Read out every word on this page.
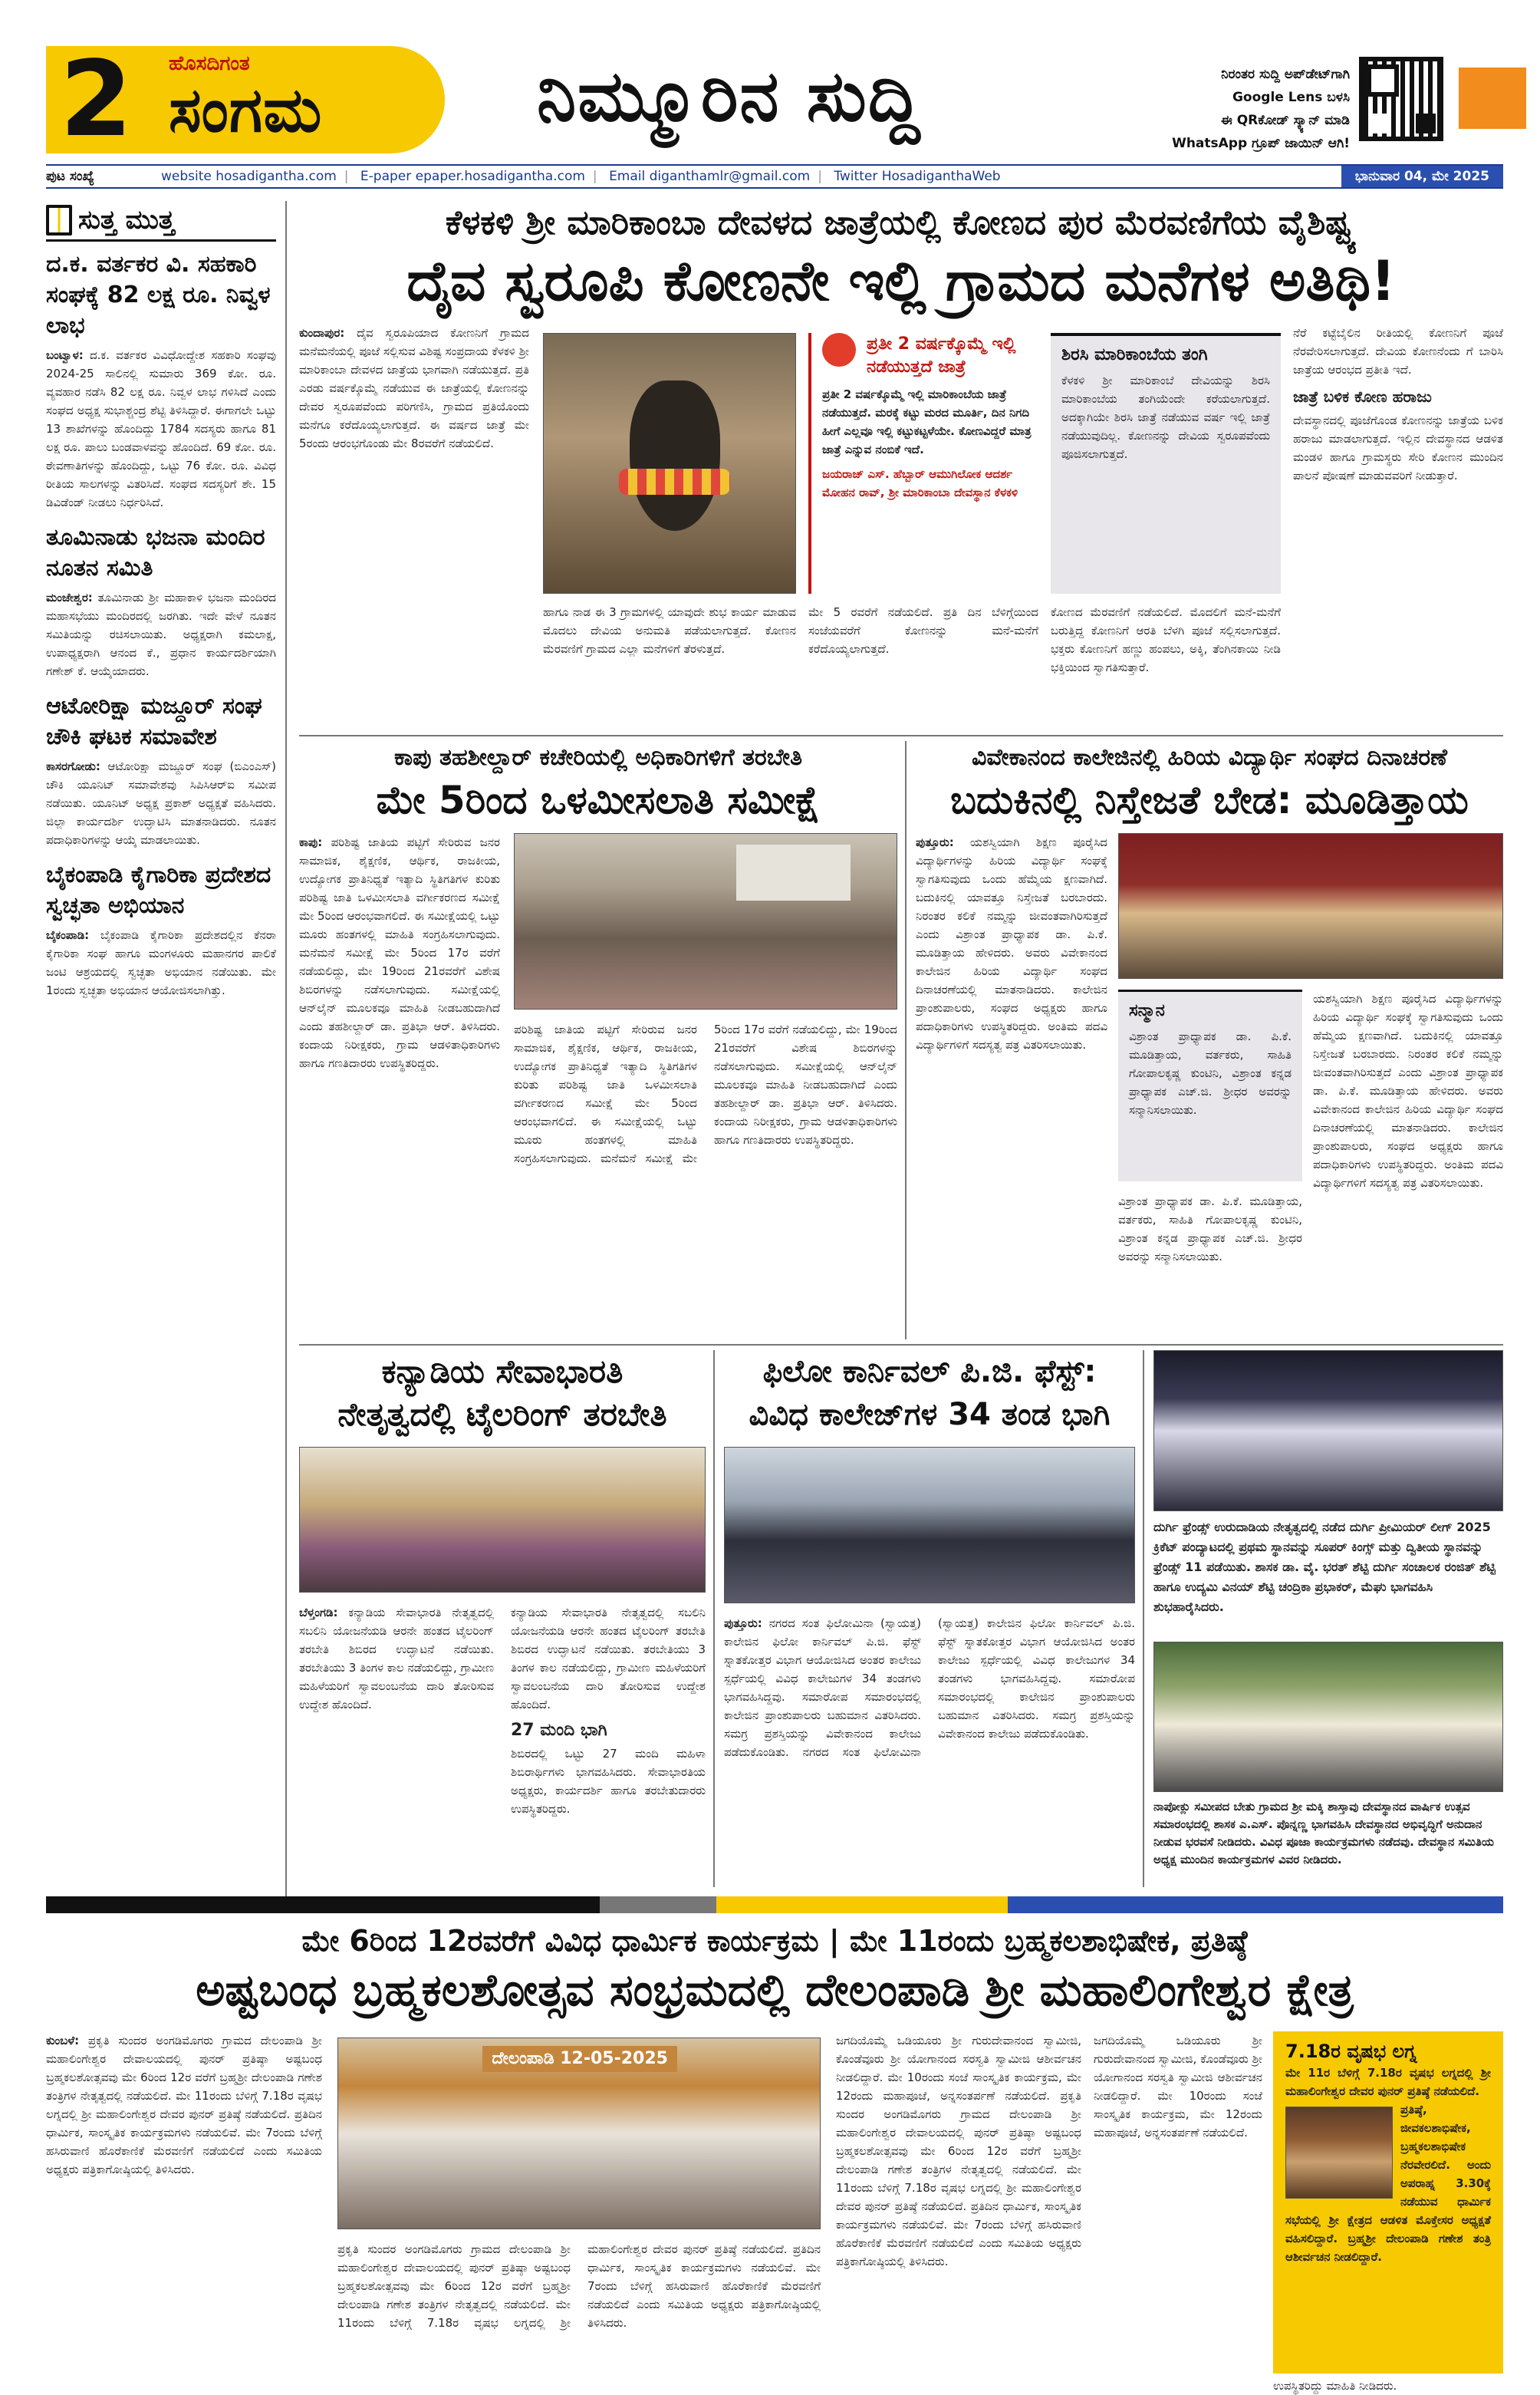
2 ಹೊಸದಿಗಂತ
ಸಂಗಮ	ನಿಮ್ಮೂರಿನ ಸುದ್ದಿ	ನಿರಂತರ ಸುದ್ದಿ ಅಪ್‌ಡೇಟ್‌ಗಾಗಿ
Google Lens ಬಳಸಿ
ಈ QRಕೋಡ್ ಸ್ಕ್ಯಾನ್ ಮಾಡಿ
WhatsApp ಗ್ರೂಪ್ ಜಾಯಿನ್ ಆಗಿ!
ಪುಟ ಸಂಖ್ಯೆ	website hosadigantha.com | E-paper epaper.hosadigantha.com | Email diganthamlr@gmail.com | Twitter HosadiganthaWeb	ಭಾನುವಾರ 04, ಮೇ 2025
ಸುತ್ತ ಮುತ್ತ
ದ.ಕ. ವರ್ತಕರ ವಿ. ಸಹಕಾರಿ ಸಂಘಕ್ಕೆ 82 ಲಕ್ಷ ರೂ. ನಿವ್ವಳ ಲಾಭ

ಬಂಟ್ವಾಳ: ದ.ಕ. ವರ್ತಕರ ವಿವಿಧೋದ್ದೇಶ ಸಹಕಾರಿ ಸಂಘವು 2024-25 ಸಾಲಿನಲ್ಲಿ ಸುಮಾರು 369 ಕೋ. ರೂ. ವ್ಯವಹಾರ ನಡೆಸಿ 82 ಲಕ್ಷ ರೂ. ನಿವ್ವಳ ಲಾಭ ಗಳಿಸಿದೆ ಎಂದು ಸಂಘದ ಅಧ್ಯಕ್ಷ ಸುಭಾಶ್ಚಂದ್ರ ಶೆಟ್ಟಿ ತಿಳಿಸಿದ್ದಾರೆ. ಈಗಾಗಲೇ ಒಟ್ಟು 13 ಶಾಖೆಗಳನ್ನು ಹೊಂದಿದ್ದು 1784 ಸದಸ್ಯರು ಹಾಗೂ 81 ಲಕ್ಷ ರೂ. ಪಾಲು ಬಂಡವಾಳವನ್ನು ಹೊಂದಿದೆ. 69 ಕೋ. ರೂ. ಠೇವಣಾತಿಗಳನ್ನು ಹೊಂದಿದ್ದು, ಒಟ್ಟು 76 ಕೋ. ರೂ. ವಿವಿಧ ರೀತಿಯ ಸಾಲಗಳನ್ನು ವಿತರಿಸಿದೆ. ಸಂಘದ ಸದಸ್ಯರಿಗೆ ಶೇ. 15 ಡಿವಿಡೆಂಡ್ ನೀಡಲು ನಿರ್ಧರಿಸಿದೆ.

ತೂಮಿನಾಡು ಭಜನಾ ಮಂದಿರ ನೂತನ ಸಮಿತಿ

ಮಂಜೇಶ್ವರ: ತೂಮಿನಾಡು ಶ್ರೀ ಮಹಾಕಾಳಿ ಭಜನಾ ಮಂದಿರದ ಮಹಾಸಭೆಯು ಮಂದಿರದಲ್ಲಿ ಜರಗಿತು. ಇದೇ ವೇಳೆ ನೂತನ ಸಮಿತಿಯನ್ನು ರಚಿಸಲಾಯಿತು. ಅಧ್ಯಕ್ಷರಾಗಿ ಕಮಲಾಕ್ಷ, ಉಪಾಧ್ಯಕ್ಷರಾಗಿ ಆನಂದ ಕೆ., ಪ್ರಧಾನ ಕಾರ್ಯದರ್ಶಿಯಾಗಿ ಗಣೇಶ್ ಕೆ. ಆಯ್ಕೆಯಾದರು.

ಆಟೋರಿಕ್ಷಾ ಮಜ್ದೂರ್ ಸಂಘ ಚೌಕಿ ಘಟಕ ಸಮಾವೇಶ

ಕಾಸರಗೋಡು: ಆಟೋರಿಕ್ಷಾ ಮಜ್ದೂರ್ ಸಂಘ (ಬಿಎಂಎಸ್) ಚೌಕಿ ಯೂನಿಟ್ ಸಮಾವೇಶವು ಸಿಪಿಸಿಆರ್‌ಐ ಸಮೀಪ ನಡೆಯಿತು. ಯೂನಿಟ್ ಅಧ್ಯಕ್ಷ ಪ್ರಕಾಶ್ ಅಧ್ಯಕ್ಷತೆ ವಹಿಸಿದರು. ಜಿಲ್ಲಾ ಕಾರ್ಯದರ್ಶಿ ಉದ್ಘಾಟಿಸಿ ಮಾತನಾಡಿದರು. ನೂತನ ಪದಾಧಿಕಾರಿಗಳನ್ನು ಆಯ್ಕೆ ಮಾಡಲಾಯಿತು.

ಬೈಕಂಪಾಡಿ ಕೈಗಾರಿಕಾ ಪ್ರದೇಶದ ಸ್ವಚ್ಛತಾ ಅಭಿಯಾನ

ಬೈಕಂಪಾಡಿ: ಬೈಕಂಪಾಡಿ ಕೈಗಾರಿಕಾ ಪ್ರದೇಶದಲ್ಲಿನ ಕೆನರಾ ಕೈಗಾರಿಕಾ ಸಂಘ ಹಾಗೂ ಮಂಗಳೂರು ಮಹಾನಗರ ಪಾಲಿಕೆ ಜಂಟಿ ಆಶ್ರಯದಲ್ಲಿ ಸ್ವಚ್ಛತಾ ಅಭಿಯಾನ ನಡೆಯಿತು. ಮೇ 1ರಂದು ಸ್ವಚ್ಛತಾ ಅಭಿಯಾನ ಆಯೋಜಿಸಲಾಗಿತ್ತು.

ಕೆಳಕಳಿ ಶ್ರೀ ಮಾರಿಕಾಂಬಾ ದೇವಳದ ಜಾತ್ರೆಯಲ್ಲಿ ಕೋಣದ ಪುರ ಮೆರವಣಿಗೆಯ ವೈಶಿಷ್ಟ್ಯ
ದೈವ ಸ್ವರೂಪಿ ಕೋಣನೇ ಇಲ್ಲಿ ಗ್ರಾಮದ ಮನೆಗಳ ಅತಿಥಿ!
ಕುಂದಾಪುರ: ದೈವ ಸ್ವರೂಪಿಯಾದ ಕೋಣನಿಗೆ ಗ್ರಾಮದ ಮನೆಮನೆಯಲ್ಲಿ ಪೂಜೆ ಸಲ್ಲಿಸುವ ವಿಶಿಷ್ಟ ಸಂಪ್ರದಾಯ ಕೆಳಕಳಿ ಶ್ರೀ ಮಾರಿಕಾಂಬಾ ದೇವಳದ ಜಾತ್ರೆಯ ಭಾಗವಾಗಿ ನಡೆಯುತ್ತದೆ. ಪ್ರತಿ ಎರಡು ವರ್ಷಕ್ಕೊಮ್ಮೆ ನಡೆಯುವ ಈ ಜಾತ್ರೆಯಲ್ಲಿ ಕೋಣನನ್ನು ದೇವರ ಸ್ವರೂಪವೆಂದು ಪರಿಗಣಿಸಿ, ಗ್ರಾಮದ ಪ್ರತಿಯೊಂದು ಮನೆಗೂ ಕರೆದೊಯ್ಯಲಾಗುತ್ತದೆ. ಈ ವರ್ಷದ ಜಾತ್ರೆ ಮೇ 5ರಂದು ಆರಂಭಗೊಂಡು ಮೇ 8ರವರೆಗೆ ನಡೆಯಲಿದೆ.
ಹಾಗೂ ನಾಡ ಈ 3 ಗ್ರಾಮಗಳಲ್ಲಿ ಯಾವುದೇ ಶುಭ ಕಾರ್ಯ ಮಾಡುವ ಮೊದಲು ದೇವಿಯ ಅನುಮತಿ ಪಡೆಯಲಾಗುತ್ತದೆ. ಕೋಣನ ಮೆರವಣಿಗೆ ಗ್ರಾಮದ ಎಲ್ಲಾ ಮನೆಗಳಿಗೆ ತೆರಳುತ್ತದೆ.
ಪ್ರತೀ 2 ವರ್ಷಕ್ಕೊಮ್ಮೆ ಇಲ್ಲಿ ನಡೆಯುತ್ತದೆ ಜಾತ್ರೆ
ಪ್ರತೀ 2 ವರ್ಷಕ್ಕೊಮ್ಮೆ ಇಲ್ಲಿ ಮಾರಿಕಾಂಬೆಯ ಜಾತ್ರೆ ನಡೆಯುತ್ತದೆ. ಮರಕ್ಕೆ ಕಟ್ಟು ಮರದ ಮೂರ್ತಿ, ದಿನ ನಿಗದಿ ಹೀಗೆ ಎಲ್ಲವೂ ಇಲ್ಲಿ ಕಟ್ಟುಕಟ್ಟಳೆಯೇ. ಕೋಣವಿದ್ದರೆ ಮಾತ್ರ ಜಾತ್ರೆ ಎನ್ನುವ ನಂಬಿಕೆ ಇದೆ.
ಜಯರಾಜ್ ಎಸ್. ಹೆಬ್ಬಾರ್ ಆಮುಗಿಲೋಕ ಆದರ್ಶ ಮೋಹನ ರಾವ್, ಶ್ರೀ ಮಾರಿಕಾಂಬಾ ದೇವಸ್ಥಾನ ಕೆಳಕಳಿ
ಮೇ 5 ರವರೆಗೆ ನಡೆಯಲಿದೆ. ಪ್ರತಿ ದಿನ ಬೆಳಿಗ್ಗೆಯಿಂದ ಸಂಜೆಯವರೆಗೆ ಕೋಣನನ್ನು ಮನೆ-ಮನೆಗೆ ಕರೆದೊಯ್ಯಲಾಗುತ್ತದೆ.
ಶಿರಸಿ ಮಾರಿಕಾಂಬೆಯ ತಂಗಿ
ಕೆಳಕಳಿ ಶ್ರೀ ಮಾರಿಕಾಂಬೆ ದೇವಿಯನ್ನು ಶಿರಸಿ ಮಾರಿಕಾಂಬೆಯ ತಂಗಿಯೆಂದೇ ಕರೆಯಲಾಗುತ್ತದೆ. ಅದಕ್ಕಾಗಿಯೇ ಶಿರಸಿ ಜಾತ್ರೆ ನಡೆಯುವ ವರ್ಷ ಇಲ್ಲಿ ಜಾತ್ರೆ ನಡೆಯುವುದಿಲ್ಲ. ಕೋಣನನ್ನು ದೇವಿಯ ಸ್ವರೂಪವೆಂದು ಪೂಜಿಸಲಾಗುತ್ತದೆ.
ಕೋಣದ ಮೆರವಣಿಗೆ ನಡೆಯಲಿದೆ. ಮೊದಲಿಗೆ ಮನೆ-ಮನೆಗೆ ಬರುತ್ತಿದ್ದ ಕೋಣನಿಗೆ ಆರತಿ ಬೆಳಗಿ ಪೂಜೆ ಸಲ್ಲಿಸಲಾಗುತ್ತದೆ. ಭಕ್ತರು ಕೋಣನಿಗೆ ಹಣ್ಣು ಹಂಪಲು, ಅಕ್ಕಿ, ತೆಂಗಿನಕಾಯಿ ನೀಡಿ ಭಕ್ತಿಯಿಂದ ಸ್ವಾಗತಿಸುತ್ತಾರೆ.
ನೆರೆ ಕಟ್ಟೆಬೈಲಿನ ರೀತಿಯಲ್ಲಿ ಕೋಣನಿಗೆ ಪೂಜೆ ನೆರವೇರಿಸಲಾಗುತ್ತದೆ. ದೇವಿಯ ಕೋಣನೆಂದು ಗೆ ಬಾರಿಸಿ ಜಾತ್ರೆಯ ಆರಂಭದ ಪ್ರತೀತಿ ಇದೆ.
ಜಾತ್ರೆ ಬಳಿಕ ಕೋಣ ಹರಾಜು
ದೇವಸ್ಥಾನದಲ್ಲಿ ಪೂಜೆಗೊಂಡ ಕೋಣನನ್ನು ಜಾತ್ರೆಯ ಬಳಿಕ ಹರಾಜು ಮಾಡಲಾಗುತ್ತದೆ. ಇಲ್ಲಿನ ದೇವಸ್ಥಾನದ ಆಡಳಿತ ಮಂಡಳಿ ಹಾಗೂ ಗ್ರಾಮಸ್ಥರು ಸೇರಿ ಕೋಣನ ಮುಂದಿನ ಪಾಲನೆ ಪೋಷಣೆ ಮಾಡುವವರಿಗೆ ನೀಡುತ್ತಾರೆ.
ಕಾಪು ತಹಶೀಲ್ದಾರ್ ಕಚೇರಿಯಲ್ಲಿ ಅಧಿಕಾರಿಗಳಿಗೆ ತರಬೇತಿ
ಮೇ 5ರಿಂದ ಒಳಮೀಸಲಾತಿ ಸಮೀಕ್ಷೆ
ಕಾಪು: ಪರಿಶಿಷ್ಟ ಜಾತಿಯ ಪಟ್ಟಿಗೆ ಸೇರಿರುವ ಜನರ ಸಾಮಾಜಿಕ, ಶೈಕ್ಷಣಿಕ, ಆರ್ಥಿಕ, ರಾಜಕೀಯ, ಉದ್ಯೋಗಕ ಪ್ರಾತಿನಿಧ್ಯತೆ ಇತ್ಯಾದಿ ಸ್ಥಿತಿಗತಿಗಳ ಕುರಿತು ಪರಿಶಿಷ್ಟ ಜಾತಿ ಒಳಮೀಸಲಾತಿ ವರ್ಗೀಕರಣದ ಸಮೀಕ್ಷೆ ಮೇ 5ರಿಂದ ಆರಂಭವಾಗಲಿದೆ. ಈ ಸಮೀಕ್ಷೆಯಲ್ಲಿ ಒಟ್ಟು ಮೂರು ಹಂತಗಳಲ್ಲಿ ಮಾಹಿತಿ ಸಂಗ್ರಹಿಸಲಾಗುವುದು. ಮನೆಮನೆ ಸಮೀಕ್ಷೆ ಮೇ 5ರಿಂದ 17ರ ವರೆಗೆ ನಡೆಯಲಿದ್ದು, ಮೇ 19ರಿಂದ 21ರವರೆಗೆ ವಿಶೇಷ ಶಿಬಿರಗಳನ್ನು ನಡೆಸಲಾಗುವುದು. ಸಮೀಕ್ಷೆಯಲ್ಲಿ ಆನ್‌ಲೈನ್ ಮೂಲಕವೂ ಮಾಹಿತಿ ನೀಡಬಹುದಾಗಿದೆ ಎಂದು ತಹಶೀಲ್ದಾರ್ ಡಾ. ಪ್ರತಿಭಾ ಆರ್. ತಿಳಿಸಿದರು. ಕಂದಾಯ ನಿರೀಕ್ಷಕರು, ಗ್ರಾಮ ಆಡಳಿತಾಧಿಕಾರಿಗಳು ಹಾಗೂ ಗಣತಿದಾರರು ಉಪಸ್ಥಿತರಿದ್ದರು.
ಪರಿಶಿಷ್ಟ ಜಾತಿಯ ಪಟ್ಟಿಗೆ ಸೇರಿರುವ ಜನರ ಸಾಮಾಜಿಕ, ಶೈಕ್ಷಣಿಕ, ಆರ್ಥಿಕ, ರಾಜಕೀಯ, ಉದ್ಯೋಗಕ ಪ್ರಾತಿನಿಧ್ಯತೆ ಇತ್ಯಾದಿ ಸ್ಥಿತಿಗತಿಗಳ ಕುರಿತು ಪರಿಶಿಷ್ಟ ಜಾತಿ ಒಳಮೀಸಲಾತಿ ವರ್ಗೀಕರಣದ ಸಮೀಕ್ಷೆ ಮೇ 5ರಿಂದ ಆರಂಭವಾಗಲಿದೆ. ಈ ಸಮೀಕ್ಷೆಯಲ್ಲಿ ಒಟ್ಟು ಮೂರು ಹಂತಗಳಲ್ಲಿ ಮಾಹಿತಿ ಸಂಗ್ರಹಿಸಲಾಗುವುದು. ಮನೆಮನೆ ಸಮೀಕ್ಷೆ ಮೇ 5ರಿಂದ 17ರ ವರೆಗೆ ನಡೆಯಲಿದ್ದು, ಮೇ 19ರಿಂದ 21ರವರೆಗೆ ವಿಶೇಷ ಶಿಬಿರಗಳನ್ನು ನಡೆಸಲಾಗುವುದು. ಸಮೀಕ್ಷೆಯಲ್ಲಿ ಆನ್‌ಲೈನ್ ಮೂಲಕವೂ ಮಾಹಿತಿ ನೀಡಬಹುದಾಗಿದೆ ಎಂದು ತಹಶೀಲ್ದಾರ್ ಡಾ. ಪ್ರತಿಭಾ ಆರ್. ತಿಳಿಸಿದರು. ಕಂದಾಯ ನಿರೀಕ್ಷಕರು, ಗ್ರಾಮ ಆಡಳಿತಾಧಿಕಾರಿಗಳು ಹಾಗೂ ಗಣತಿದಾರರು ಉಪಸ್ಥಿತರಿದ್ದರು.
ವಿವೇಕಾನಂದ ಕಾಲೇಜಿನಲ್ಲಿ ಹಿರಿಯ ವಿದ್ಯಾರ್ಥಿ ಸಂಘದ ದಿನಾಚರಣೆ
ಬದುಕಿನಲ್ಲಿ ನಿಸ್ತೇಜತೆ ಬೇಡ: ಮೂಡಿತ್ತಾಯ
ಪುತ್ತೂರು: ಯಶಸ್ವಿಯಾಗಿ ಶಿಕ್ಷಣ ಪೂರೈಸಿದ ವಿದ್ಯಾರ್ಥಿಗಳನ್ನು ಹಿರಿಯ ವಿದ್ಯಾರ್ಥಿ ಸಂಘಕ್ಕೆ ಸ್ವಾಗತಿಸುವುದು ಒಂದು ಹೆಮ್ಮೆಯ ಕ್ಷಣವಾಗಿದೆ. ಬದುಕಿನಲ್ಲಿ ಯಾವತ್ತೂ ನಿಸ್ತೇಜತೆ ಬರಬಾರದು. ನಿರಂತರ ಕಲಿಕೆ ನಮ್ಮನ್ನು ಜೀವಂತವಾಗಿರಿಸುತ್ತದೆ ಎಂದು ವಿಶ್ರಾಂತ ಪ್ರಾಧ್ಯಾಪಕ ಡಾ. ಪಿ.ಕೆ. ಮೂಡಿತ್ತಾಯ ಹೇಳಿದರು. ಅವರು ವಿವೇಕಾನಂದ ಕಾಲೇಜಿನ ಹಿರಿಯ ವಿದ್ಯಾರ್ಥಿ ಸಂಘದ ದಿನಾಚರಣೆಯಲ್ಲಿ ಮಾತನಾಡಿದರು. ಕಾಲೇಜಿನ ಪ್ರಾಂಶುಪಾಲರು, ಸಂಘದ ಅಧ್ಯಕ್ಷರು ಹಾಗೂ ಪದಾಧಿಕಾರಿಗಳು ಉಪಸ್ಥಿತರಿದ್ದರು. ಅಂತಿಮ ಪದವಿ ವಿದ್ಯಾರ್ಥಿಗಳಿಗೆ ಸದಸ್ಯತ್ವ ಪತ್ರ ವಿತರಿಸಲಾಯಿತು.
ಸನ್ಮಾನ
ವಿಶ್ರಾಂತ ಪ್ರಾಧ್ಯಾಪಕ ಡಾ. ಪಿ.ಕೆ. ಮೂಡಿತ್ತಾಯ, ವರ್ತಕರು, ಸಾಹಿತಿ ಗೋಪಾಲಕೃಷ್ಣ ಕುಂಟಿನಿ, ವಿಶ್ರಾಂತ ಕನ್ನಡ ಪ್ರಾಧ್ಯಾಪಕ ಎಚ್.ಜಿ. ಶ್ರೀಧರ ಅವರನ್ನು ಸನ್ಮಾನಿಸಲಾಯಿತು.
ಯಶಸ್ವಿಯಾಗಿ ಶಿಕ್ಷಣ ಪೂರೈಸಿದ ವಿದ್ಯಾರ್ಥಿಗಳನ್ನು ಹಿರಿಯ ವಿದ್ಯಾರ್ಥಿ ಸಂಘಕ್ಕೆ ಸ್ವಾಗತಿಸುವುದು ಒಂದು ಹೆಮ್ಮೆಯ ಕ್ಷಣವಾಗಿದೆ. ಬದುಕಿನಲ್ಲಿ ಯಾವತ್ತೂ ನಿಸ್ತೇಜತೆ ಬರಬಾರದು. ನಿರಂತರ ಕಲಿಕೆ ನಮ್ಮನ್ನು ಜೀವಂತವಾಗಿರಿಸುತ್ತದೆ ಎಂದು ವಿಶ್ರಾಂತ ಪ್ರಾಧ್ಯಾಪಕ ಡಾ. ಪಿ.ಕೆ. ಮೂಡಿತ್ತಾಯ ಹೇಳಿದರು. ಅವರು ವಿವೇಕಾನಂದ ಕಾಲೇಜಿನ ಹಿರಿಯ ವಿದ್ಯಾರ್ಥಿ ಸಂಘದ ದಿನಾಚರಣೆಯಲ್ಲಿ ಮಾತನಾಡಿದರು. ಕಾಲೇಜಿನ ಪ್ರಾಂಶುಪಾಲರು, ಸಂಘದ ಅಧ್ಯಕ್ಷರು ಹಾಗೂ ಪದಾಧಿಕಾರಿಗಳು ಉಪಸ್ಥಿತರಿದ್ದರು. ಅಂತಿಮ ಪದವಿ ವಿದ್ಯಾರ್ಥಿಗಳಿಗೆ ಸದಸ್ಯತ್ವ ಪತ್ರ ವಿತರಿಸಲಾಯಿತು.
ವಿಶ್ರಾಂತ ಪ್ರಾಧ್ಯಾಪಕ ಡಾ. ಪಿ.ಕೆ. ಮೂಡಿತ್ತಾಯ, ವರ್ತಕರು, ಸಾಹಿತಿ ಗೋಪಾಲಕೃಷ್ಣ ಕುಂಟಿನಿ, ವಿಶ್ರಾಂತ ಕನ್ನಡ ಪ್ರಾಧ್ಯಾಪಕ ಎಚ್.ಜಿ. ಶ್ರೀಧರ ಅವರನ್ನು ಸನ್ಮಾನಿಸಲಾಯಿತು.
ಕನ್ಯಾಡಿಯ ಸೇವಾಭಾರತಿ
ನೇತೃತ್ವದಲ್ಲಿ ಟೈಲರಿಂಗ್ ತರಬೇತಿ
ಬೆಳ್ತಂಗಡಿ: ಕನ್ಯಾಡಿಯ ಸೇವಾಭಾರತಿ ನೇತೃತ್ವದಲ್ಲಿ ಸಬಲಿನಿ ಯೋಜನೆಯಡಿ ಆರನೇ ಹಂತದ ಟೈಲರಿಂಗ್ ತರಬೇತಿ ಶಿಬಿರದ ಉದ್ಘಾಟನೆ ನಡೆಯಿತು. ತರಬೇತಿಯು 3 ತಿಂಗಳ ಕಾಲ ನಡೆಯಲಿದ್ದು, ಗ್ರಾಮೀಣ ಮಹಿಳೆಯರಿಗೆ ಸ್ವಾವಲಂಬನೆಯ ದಾರಿ ತೋರಿಸುವ ಉದ್ದೇಶ ಹೊಂದಿದೆ.
ಕನ್ಯಾಡಿಯ ಸೇವಾಭಾರತಿ ನೇತೃತ್ವದಲ್ಲಿ ಸಬಲಿನಿ ಯೋಜನೆಯಡಿ ಆರನೇ ಹಂತದ ಟೈಲರಿಂಗ್ ತರಬೇತಿ ಶಿಬಿರದ ಉದ್ಘಾಟನೆ ನಡೆಯಿತು. ತರಬೇತಿಯು 3 ತಿಂಗಳ ಕಾಲ ನಡೆಯಲಿದ್ದು, ಗ್ರಾಮೀಣ ಮಹಿಳೆಯರಿಗೆ ಸ್ವಾವಲಂಬನೆಯ ದಾರಿ ತೋರಿಸುವ ಉದ್ದೇಶ ಹೊಂದಿದೆ.
27 ಮಂದಿ ಭಾಗಿ
ಶಿಬಿರದಲ್ಲಿ ಒಟ್ಟು 27 ಮಂದಿ ಮಹಿಳಾ ಶಿಬಿರಾರ್ಥಿಗಳು ಭಾಗವಹಿಸಿದರು. ಸೇವಾಭಾರತಿಯ ಅಧ್ಯಕ್ಷರು, ಕಾರ್ಯದರ್ಶಿ ಹಾಗೂ ತರಬೇತುದಾರರು ಉಪಸ್ಥಿತರಿದ್ದರು.
ಫಿಲೋ ಕಾರ್ನಿವಲ್ ಪಿ.ಜಿ. ಫೆಸ್ಟ್:
ವಿವಿಧ ಕಾಲೇಜ್‌ಗಳ 34 ತಂಡ ಭಾಗಿ
ಪುತ್ತೂರು: ನಗರದ ಸಂತ ಫಿಲೋಮಿನಾ (ಸ್ವಾಯತ್ತ) ಕಾಲೇಜಿನ ಫಿಲೋ ಕಾರ್ನಿವಲ್ ಪಿ.ಜಿ. ಫೆಸ್ಟ್ ಸ್ನಾತಕೋತ್ತರ ವಿಭಾಗ ಆಯೋಜಿಸಿದ ಅಂತರ ಕಾಲೇಜು ಸ್ಪರ್ಧೆಯಲ್ಲಿ ವಿವಿಧ ಕಾಲೇಜುಗಳ 34 ತಂಡಗಳು ಭಾಗವಹಿಸಿದ್ದವು. ಸಮಾರೋಪ ಸಮಾರಂಭದಲ್ಲಿ ಕಾಲೇಜಿನ ಪ್ರಾಂಶುಪಾಲರು ಬಹುಮಾನ ವಿತರಿಸಿದರು. ಸಮಗ್ರ ಪ್ರಶಸ್ತಿಯನ್ನು ವಿವೇಕಾನಂದ ಕಾಲೇಜು ಪಡೆದುಕೊಂಡಿತು. ನಗರದ ಸಂತ ಫಿಲೋಮಿನಾ (ಸ್ವಾಯತ್ತ) ಕಾಲೇಜಿನ ಫಿಲೋ ಕಾರ್ನಿವಲ್ ಪಿ.ಜಿ. ಫೆಸ್ಟ್ ಸ್ನಾತಕೋತ್ತರ ವಿಭಾಗ ಆಯೋಜಿಸಿದ ಅಂತರ ಕಾಲೇಜು ಸ್ಪರ್ಧೆಯಲ್ಲಿ ವಿವಿಧ ಕಾಲೇಜುಗಳ 34 ತಂಡಗಳು ಭಾಗವಹಿಸಿದ್ದವು. ಸಮಾರೋಪ ಸಮಾರಂಭದಲ್ಲಿ ಕಾಲೇಜಿನ ಪ್ರಾಂಶುಪಾಲರು ಬಹುಮಾನ ವಿತರಿಸಿದರು. ಸಮಗ್ರ ಪ್ರಶಸ್ತಿಯನ್ನು ವಿವೇಕಾನಂದ ಕಾಲೇಜು ಪಡೆದುಕೊಂಡಿತು.
ದುರ್ಗಿ ಫ್ರೆಂಡ್ಸ್ ಉರುದಾಡಿಯ ನೇತೃತ್ವದಲ್ಲಿ ನಡೆದ ದುರ್ಗಿ ಪ್ರೀಮಿಯರ್ ಲೀಗ್ 2025 ಕ್ರಿಕೆಟ್ ಪಂದ್ಯಾಟದಲ್ಲಿ ಪ್ರಥಮ ಸ್ಥಾನವನ್ನು ಸೂಪರ್ ಕಿಂಗ್ಸ್ ಮತ್ತು ದ್ವಿತೀಯ ಸ್ಥಾನವನ್ನು ಫ್ರೆಂಡ್ಸ್ 11 ಪಡೆಯಿತು. ಶಾಸಕ ಡಾ. ವೈ. ಭರತ್ ಶೆಟ್ಟಿ ದುರ್ಗಿ ಸಂಚಾಲಕ ರಂಜಿತ್ ಶೆಟ್ಟಿ ಹಾಗೂ ಉದ್ಯಮಿ ವಿನಯ್ ಶೆಟ್ಟಿ ಚಂದ್ರಿಕಾ ಪ್ರಭಾಕರ್, ಮೆಘು ಭಾಗವಹಿಸಿ ಶುಭಹಾರೈಸಿದರು.
ನಾಪೋಕ್ಲು ಸಮೀಪದ ಬೇತು ಗ್ರಾಮದ ಶ್ರೀ ಮಕ್ಕಿ ಶಾಸ್ತಾವು ದೇವಸ್ಥಾನದ ವಾರ್ಷಿಕ ಉತ್ಸವ ಸಮಾರಂಭದಲ್ಲಿ ಶಾಸಕ ಎ.ಎಸ್. ಪೊನ್ನಣ್ಣ ಭಾಗವಹಿಸಿ ದೇವಸ್ಥಾನದ ಅಭಿವೃದ್ಧಿಗೆ ಅನುದಾನ ನೀಡುವ ಭರವಸೆ ನೀಡಿದರು. ವಿವಿಧ ಪೂಜಾ ಕಾರ್ಯಕ್ರಮಗಳು ನಡೆದವು. ದೇವಸ್ಥಾನ ಸಮಿತಿಯ ಅಧ್ಯಕ್ಷ ಮುಂದಿನ ಕಾರ್ಯಕ್ರಮಗಳ ವಿವರ ನೀಡಿದರು.
ಮೇ 6ರಿಂದ 12ರವರೆಗೆ ವಿವಿಧ ಧಾರ್ಮಿಕ ಕಾರ್ಯಕ್ರಮ | ಮೇ 11ರಂದು ಬ್ರಹ್ಮಕಲಶಾಭಿಷೇಕ, ಪ್ರತಿಷ್ಠೆ
ಅಷ್ಟಬಂಧ ಬ್ರಹ್ಮಕಲಶೋತ್ಸವ ಸಂಭ್ರಮದಲ್ಲಿ ದೇಲಂಪಾಡಿ ಶ್ರೀ ಮಹಾಲಿಂಗೇಶ್ವರ ಕ್ಷೇತ್ರ
ಕುಂಬಳೆ: ಪ್ರಕೃತಿ ಸುಂದರ ಅಂಗಡಿಮೊಗರು ಗ್ರಾಮದ ದೇಲಂಪಾಡಿ ಶ್ರೀ ಮಹಾಲಿಂಗೇಶ್ವರ ದೇವಾಲಯದಲ್ಲಿ ಪುನರ್ ಪ್ರತಿಷ್ಠಾ ಅಷ್ಟಬಂಧ ಬ್ರಹ್ಮಕಲಶೋತ್ಸವವು ಮೇ 6ರಿಂದ 12ರ ವರೆಗೆ ಬ್ರಹ್ಮಶ್ರೀ ದೇಲಂಪಾಡಿ ಗಣೇಶ ತಂತ್ರಿಗಳ ನೇತೃತ್ವದಲ್ಲಿ ನಡೆಯಲಿದೆ. ಮೇ 11ರಂದು ಬೆಳಿಗ್ಗೆ 7.18ರ ವೃಷಭ ಲಗ್ನದಲ್ಲಿ ಶ್ರೀ ಮಹಾಲಿಂಗೇಶ್ವರ ದೇವರ ಪುನರ್ ಪ್ರತಿಷ್ಠೆ ನಡೆಯಲಿದೆ. ಪ್ರತಿದಿನ ಧಾರ್ಮಿಕ, ಸಾಂಸ್ಕೃತಿಕ ಕಾರ್ಯಕ್ರಮಗಳು ನಡೆಯಲಿವೆ. ಮೇ 7ರಂದು ಬೆಳಿಗ್ಗೆ ಹಸಿರುವಾಣಿ ಹೊರೆಕಾಣಿಕೆ ಮೆರವಣಿಗೆ ನಡೆಯಲಿದೆ ಎಂದು ಸಮಿತಿಯ ಅಧ್ಯಕ್ಷರು ಪತ್ರಿಕಾಗೋಷ್ಠಿಯಲ್ಲಿ ತಿಳಿಸಿದರು.
ದೇಲಂಪಾಡಿ 12-05-2025
ಪ್ರಕೃತಿ ಸುಂದರ ಅಂಗಡಿಮೊಗರು ಗ್ರಾಮದ ದೇಲಂಪಾಡಿ ಶ್ರೀ ಮಹಾಲಿಂಗೇಶ್ವರ ದೇವಾಲಯದಲ್ಲಿ ಪುನರ್ ಪ್ರತಿಷ್ಠಾ ಅಷ್ಟಬಂಧ ಬ್ರಹ್ಮಕಲಶೋತ್ಸವವು ಮೇ 6ರಿಂದ 12ರ ವರೆಗೆ ಬ್ರಹ್ಮಶ್ರೀ ದೇಲಂಪಾಡಿ ಗಣೇಶ ತಂತ್ರಿಗಳ ನೇತೃತ್ವದಲ್ಲಿ ನಡೆಯಲಿದೆ. ಮೇ 11ರಂದು ಬೆಳಿಗ್ಗೆ 7.18ರ ವೃಷಭ ಲಗ್ನದಲ್ಲಿ ಶ್ರೀ ಮಹಾಲಿಂಗೇಶ್ವರ ದೇವರ ಪುನರ್ ಪ್ರತಿಷ್ಠೆ ನಡೆಯಲಿದೆ. ಪ್ರತಿದಿನ ಧಾರ್ಮಿಕ, ಸಾಂಸ್ಕೃತಿಕ ಕಾರ್ಯಕ್ರಮಗಳು ನಡೆಯಲಿವೆ. ಮೇ 7ರಂದು ಬೆಳಿಗ್ಗೆ ಹಸಿರುವಾಣಿ ಹೊರೆಕಾಣಿಕೆ ಮೆರವಣಿಗೆ ನಡೆಯಲಿದೆ ಎಂದು ಸಮಿತಿಯ ಅಧ್ಯಕ್ಷರು ಪತ್ರಿಕಾಗೋಷ್ಠಿಯಲ್ಲಿ ತಿಳಿಸಿದರು.
ಜಗದಿಯೊಮ್ಮೆ ಒಡಿಯೂರು ಶ್ರೀ ಗುರುದೇವಾನಂದ ಸ್ವಾಮೀಜಿ, ಕೊಂಡೆವೂರು ಶ್ರೀ ಯೋಗಾನಂದ ಸರಸ್ವತಿ ಸ್ವಾಮೀಜಿ ಆಶೀರ್ವಚನ ನೀಡಲಿದ್ದಾರೆ. ಮೇ 10ರಂದು ಸಂಜೆ ಸಾಂಸ್ಕೃತಿಕ ಕಾರ್ಯಕ್ರಮ, ಮೇ 12ರಂದು ಮಹಾಪೂಜೆ, ಅನ್ನಸಂತರ್ಪಣೆ ನಡೆಯಲಿದೆ. ಪ್ರಕೃತಿ ಸುಂದರ ಅಂಗಡಿಮೊಗರು ಗ್ರಾಮದ ದೇಲಂಪಾಡಿ ಶ್ರೀ ಮಹಾಲಿಂಗೇಶ್ವರ ದೇವಾಲಯದಲ್ಲಿ ಪುನರ್ ಪ್ರತಿಷ್ಠಾ ಅಷ್ಟಬಂಧ ಬ್ರಹ್ಮಕಲಶೋತ್ಸವವು ಮೇ 6ರಿಂದ 12ರ ವರೆಗೆ ಬ್ರಹ್ಮಶ್ರೀ ದೇಲಂಪಾಡಿ ಗಣೇಶ ತಂತ್ರಿಗಳ ನೇತೃತ್ವದಲ್ಲಿ ನಡೆಯಲಿದೆ. ಮೇ 11ರಂದು ಬೆಳಿಗ್ಗೆ 7.18ರ ವೃಷಭ ಲಗ್ನದಲ್ಲಿ ಶ್ರೀ ಮಹಾಲಿಂಗೇಶ್ವರ ದೇವರ ಪುನರ್ ಪ್ರತಿಷ್ಠೆ ನಡೆಯಲಿದೆ. ಪ್ರತಿದಿನ ಧಾರ್ಮಿಕ, ಸಾಂಸ್ಕೃತಿಕ ಕಾರ್ಯಕ್ರಮಗಳು ನಡೆಯಲಿವೆ. ಮೇ 7ರಂದು ಬೆಳಿಗ್ಗೆ ಹಸಿರುವಾಣಿ ಹೊರೆಕಾಣಿಕೆ ಮೆರವಣಿಗೆ ನಡೆಯಲಿದೆ ಎಂದು ಸಮಿತಿಯ ಅಧ್ಯಕ್ಷರು ಪತ್ರಿಕಾಗೋಷ್ಠಿಯಲ್ಲಿ ತಿಳಿಸಿದರು.
ಜಗದಿಯೊಮ್ಮೆ ಒಡಿಯೂರು ಶ್ರೀ ಗುರುದೇವಾನಂದ ಸ್ವಾಮೀಜಿ, ಕೊಂಡೆವೂರು ಶ್ರೀ ಯೋಗಾನಂದ ಸರಸ್ವತಿ ಸ್ವಾಮೀಜಿ ಆಶೀರ್ವಚನ ನೀಡಲಿದ್ದಾರೆ. ಮೇ 10ರಂದು ಸಂಜೆ ಸಾಂಸ್ಕೃತಿಕ ಕಾರ್ಯಕ್ರಮ, ಮೇ 12ರಂದು ಮಹಾಪೂಜೆ, ಅನ್ನಸಂತರ್ಪಣೆ ನಡೆಯಲಿದೆ.
7.18ರ ವೃಷಭ ಲಗ್ನ
ಮೇ 11ರ ಬೆಳಿಗ್ಗೆ 7.18ರ ವೃಷಭ ಲಗ್ನದಲ್ಲಿ ಶ್ರೀ ಮಹಾಲಿಂಗೇಶ್ವರ ದೇವರ ಪುನರ್ ಪ್ರತಿಷ್ಠೆ ನಡೆಯಲಿದೆ.
ಪ್ರತಿಷ್ಠೆ, ಜೀವಕಲಶಾಭಿಷೇಕ, ಬ್ರಹ್ಮಕಲಶಾಭಿಷೇಕ ನೆರವೇರಲಿದೆ. ಅಂದು ಅಪರಾಹ್ನ 3.30ಕ್ಕೆ ನಡೆಯುವ ಧಾರ್ಮಿಕ ಸಭೆಯಲ್ಲಿ ಶ್ರೀ ಕ್ಷೇತ್ರದ ಆಡಳಿತ ಮೊಕ್ತೇಸರ ಅಧ್ಯಕ್ಷತೆ ವಹಿಸಲಿದ್ದಾರೆ. ಬ್ರಹ್ಮಶ್ರೀ ದೇಲಂಪಾಡಿ ಗಣೇಶ ತಂತ್ರಿ ಆಶೀರ್ವಚನ ನೀಡಲಿದ್ದಾರೆ.
ಉಪಸ್ಥಿತರಿದ್ದು ಮಾಹಿತಿ ನೀಡಿದರು.
